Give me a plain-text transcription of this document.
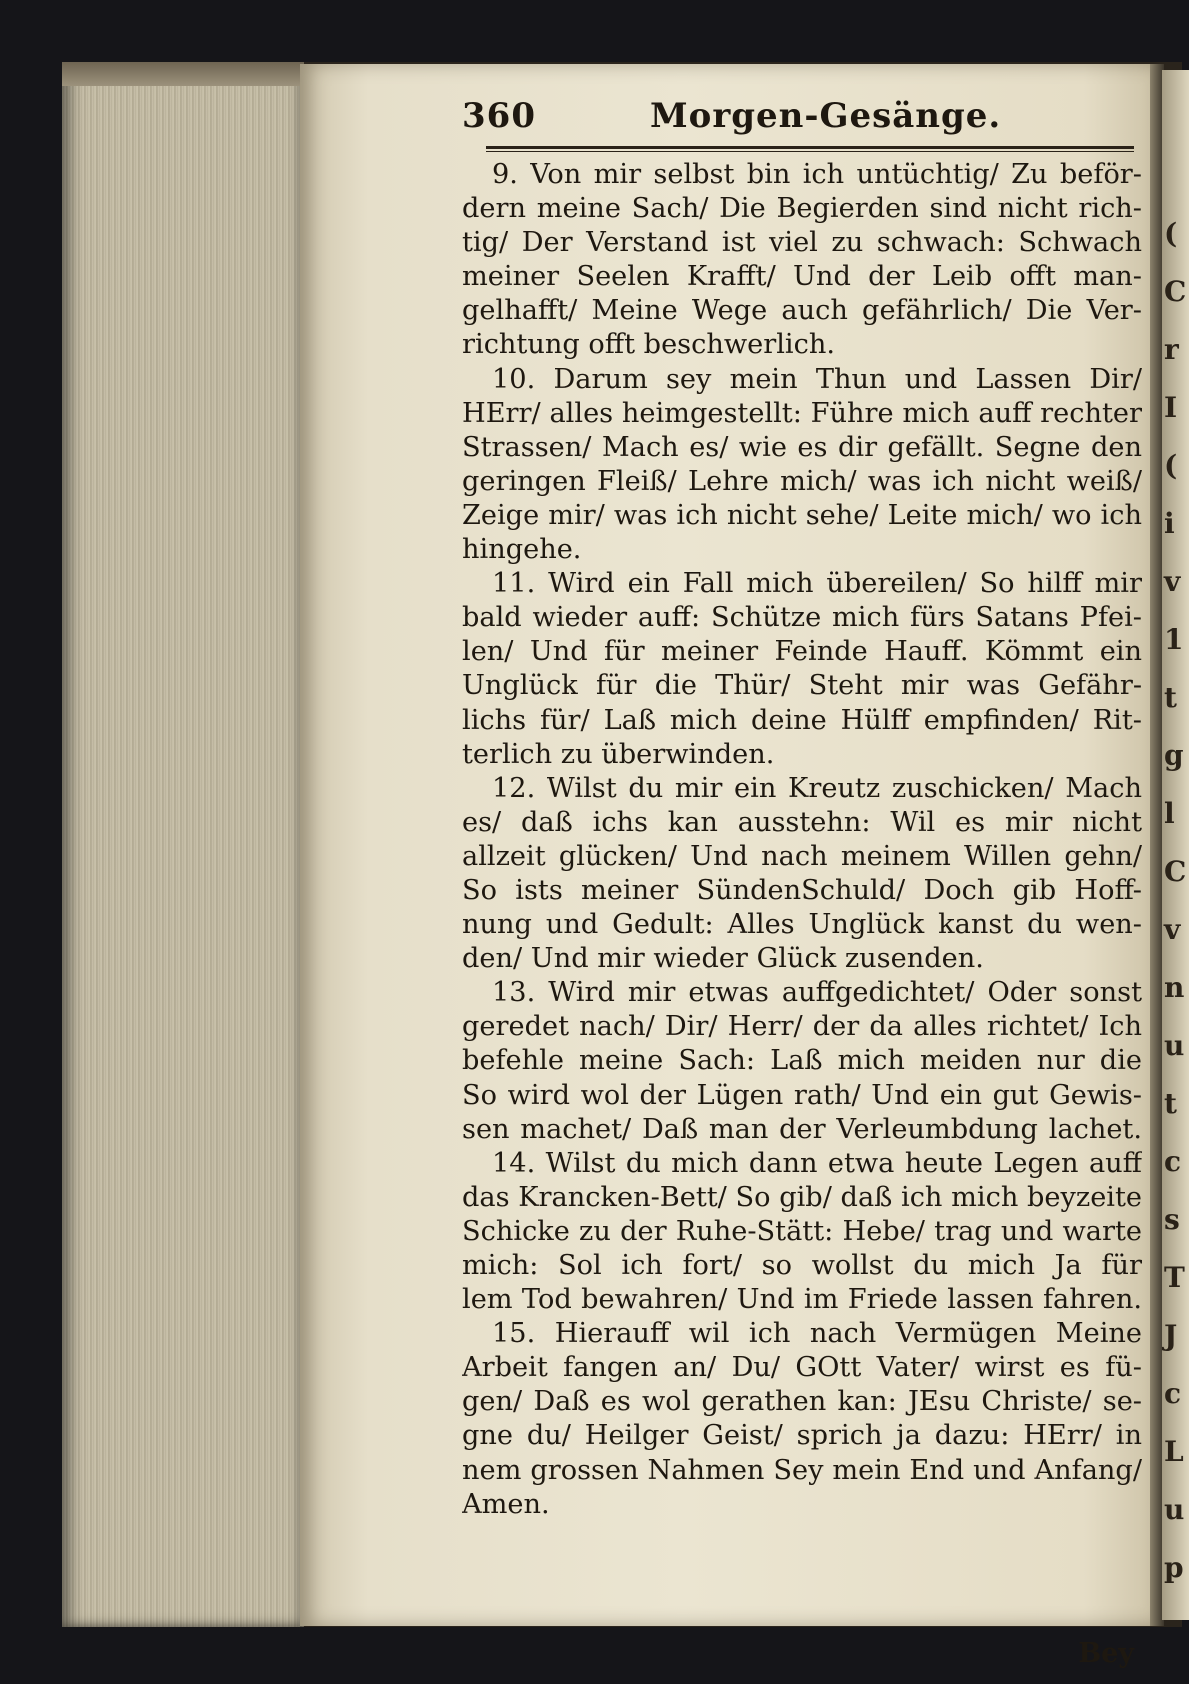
(
C
r
I
(
i
v
1
t
g
l
C
v
n
u
t
c
s
T
J
c
L
u
p
360	Morgen-Gesänge.
9. Von mir selbst bin ich untüchtig/ Zu beför-
dern meine Sach/ Die Begierden sind nicht rich-
tig/ Der Verstand ist viel zu schwach: Schwach
meiner Seelen Krafft/ Und der Leib offt man-
gelhafft/ Meine Wege auch gefährlich/ Die Ver-
richtung offt beschwerlich.
10. Darum sey mein Thun und Lassen Dir/
HErr/ alles heimgestellt: Führe mich auff rechter
Strassen/ Mach es/ wie es dir gefällt. Segne den
geringen Fleiß/ Lehre mich/ was ich nicht weiß/
Zeige mir/ was ich nicht sehe/ Leite mich/ wo ich
hingehe.
11. Wird ein Fall mich übereilen/ So hilff mir
bald wieder auff: Schütze mich fürs Satans Pfei-
len/ Und für meiner Feinde Hauff. Kömmt ein
Unglück für die Thür/ Steht mir was Gefähr-
lichs für/ Laß mich deine Hülff empfinden/ Rit-
terlich zu überwinden.
12. Wilst du mir ein Kreutz zuschicken/ Mach
es/ daß ichs kan ausstehn: Wil es mir nicht
allzeit glücken/ Und nach meinem Willen gehn/
So ists meiner SündenSchuld/ Doch gib Hoff-
nung und Gedult: Alles Unglück kanst du wen-
den/ Und mir wieder Glück zusenden.
13. Wird mir etwas auffgedichtet/ Oder sonst
geredet nach/ Dir/ Herr/ der da alles richtet/ Ich
befehle meine Sach: Laß mich meiden nur die
So wird wol der Lügen rath/ Und ein gut Gewis-
sen machet/ Daß man der Verleumbdung lachet.
14. Wilst du mich dann etwa heute Legen auff
das Krancken-Bett/ So gib/ daß ich mich beyzeite
Schicke zu der Ruhe-Stätt: Hebe/ trag und warte
mich: Sol ich fort/ so wollst du mich Ja für
lem Tod bewahren/ Und im Friede lassen fahren.
15. Hierauff wil ich nach Vermügen Meine
Arbeit fangen an/ Du/ GOtt Vater/ wirst es fü-
gen/ Daß es wol gerathen kan: JEsu Christe/ se-
gne du/ Heilger Geist/ sprich ja dazu: HErr/ in
nem grossen Nahmen Sey mein End und Anfang/
Amen.
Bey
